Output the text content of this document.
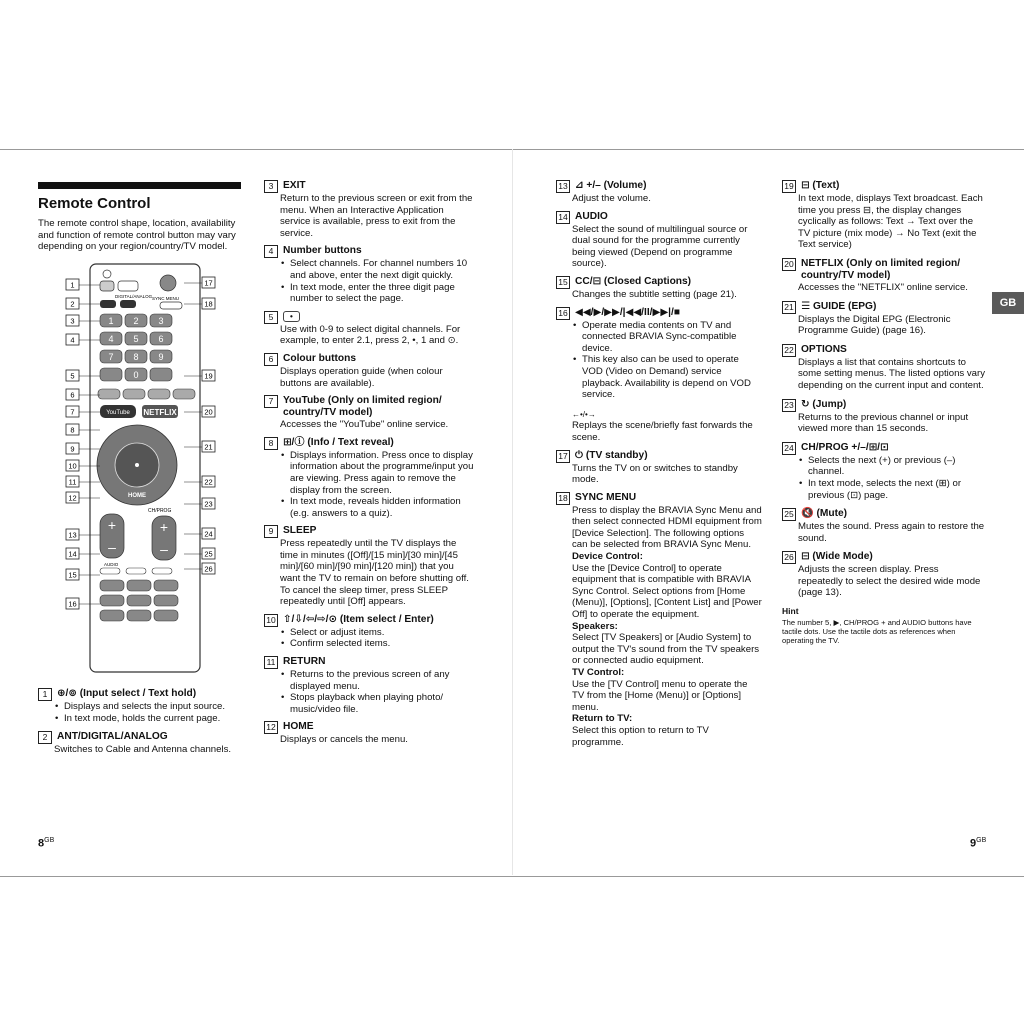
Remote Control
The remote control shape, location, availability and function of remote control button may vary depending on your region/country/TV model.
DIGITAL/ANALOG SYNC MENU
1 2 3
4 5 6
7 8 9
0
YouTube NETFLIX
HOME
+
–
CH/PROG
+
–
AUDIO
1
2
3
4
5
6
7
8
9
10
11
12
13
14
15
16
17
18
19
20
21
22
23
24
25
26
1 ⊕/⊚ (Input select / Text hold)
• Displays and selects the input source.
• In text mode, holds the current page.
2 ANT/DIGITAL/ANALOG

Switches to Cable and Antenna channels.

3 EXIT

Return to the previous screen or exit from the menu. When an Interactive Application service is available, press to exit from the service.

4 Number buttons
• Select channels. For channel numbers 10 and above, enter the next digit quickly.
• In text mode, enter the three digit page number to select the page.
5	•

Use with 0-9 to select digital channels. For example, to enter 2.1, press 2, •, 1 and ⊙.

6 Colour buttons

Displays operation guide (when colour buttons are available).

7 YouTube (Only on limited region/ country/TV model)

Accesses the "YouTube" online service.

8 ⊞/ⓘ (Info / Text reveal)
• Displays information. Press once to display information about the programme/input you are viewing. Press again to remove the display from the screen.
• In text mode, reveals hidden information (e.g. answers to a quiz).
9 SLEEP

Press repeatedly until the TV displays the time in minutes ([Off]/[15 min]/[30 min]/[45 min]/[60 min]/[90 min]/[120 min]) that you want the TV to remain on before shutting off. To cancel the sleep timer, press SLEEP repeatedly until [Off] appears.

10 ⇧/⇩/⇦/⇨/⊙ (Item select / Enter)
• Select or adjust items.
• Confirm selected items.
11 RETURN
• Returns to the previous screen of any displayed menu.
• Stops playback when playing photo/ music/video file.
12 HOME

Displays or cancels the menu.

13 ⊿ +/– (Volume)

Adjust the volume.

14 AUDIO

Select the sound of multilingual source or dual sound for the programme currently being viewed (Depend on programme source).

15 CC/⊟ (Closed Captions)

Changes the subtitle setting (page 21).

16 ◀◀/▶/▶▶/|◀◀/II/▶▶|/■
• Operate media contents on TV and connected BRAVIA Sync-compatible device.
• This key also can be used to operate VOD (Video on Demand) service playback. Availability is depend on VOD service.

←•/•→

Replays the scene/briefly fast forwards the scene.

17 ⏻ (TV standby)

Turns the TV on or switches to standby mode.

18 SYNC MENU

Press to display the BRAVIA Sync Menu and then select connected HDMI equipment from [Device Selection]. The following options can be selected from BRAVIA Sync Menu.

Device Control:

Use the [Device Control] to operate equipment that is compatible with BRAVIA Sync Control. Select options from [Home (Menu)], [Options], [Content List] and [Power Off] to operate the equipment.

Speakers:

Select [TV Speakers] or [Audio System] to output the TV's sound from the TV speakers or connected audio equipment.

TV Control:

Use the [TV Control] menu to operate the TV from the [Home (Menu)] or [Options] menu.

Return to TV:

Select this option to return to TV programme.

19 ⊟ (Text)

In text mode, displays Text broadcast. Each time you press ⊟, the display changes cyclically as follows: Text → Text over the TV picture (mix mode) → No Text (exit the Text service)

20 NETFLIX (Only on limited region/ country/TV model)

Accesses the "NETFLIX" online service.

21 ☰ GUIDE (EPG)

Displays the Digital EPG (Electronic Programme Guide) (page 16).

22 OPTIONS

Displays a list that contains shortcuts to some setting menus. The listed options vary depending on the current input and content.

23 ↻ (Jump)

Returns to the previous channel or input viewed more than 15 seconds.

24 CH/PROG +/–/⊞/⊡
• Selects the next (+) or previous (–) channel.
• In text mode, selects the next (⊞) or previous (⊡) page.
25 🔇 (Mute)

Mutes the sound. Press again to restore the sound.

26 ⊟ (Wide Mode)

Adjusts the screen display. Press repeatedly to select the desired wide mode (page 13).

Hint
The number 5, ▶, CH/PROG + and AUDIO buttons have tactile dots. Use the tactile dots as references when operating the TV.
GB
$8^{GB}$	$9^{GB}$
